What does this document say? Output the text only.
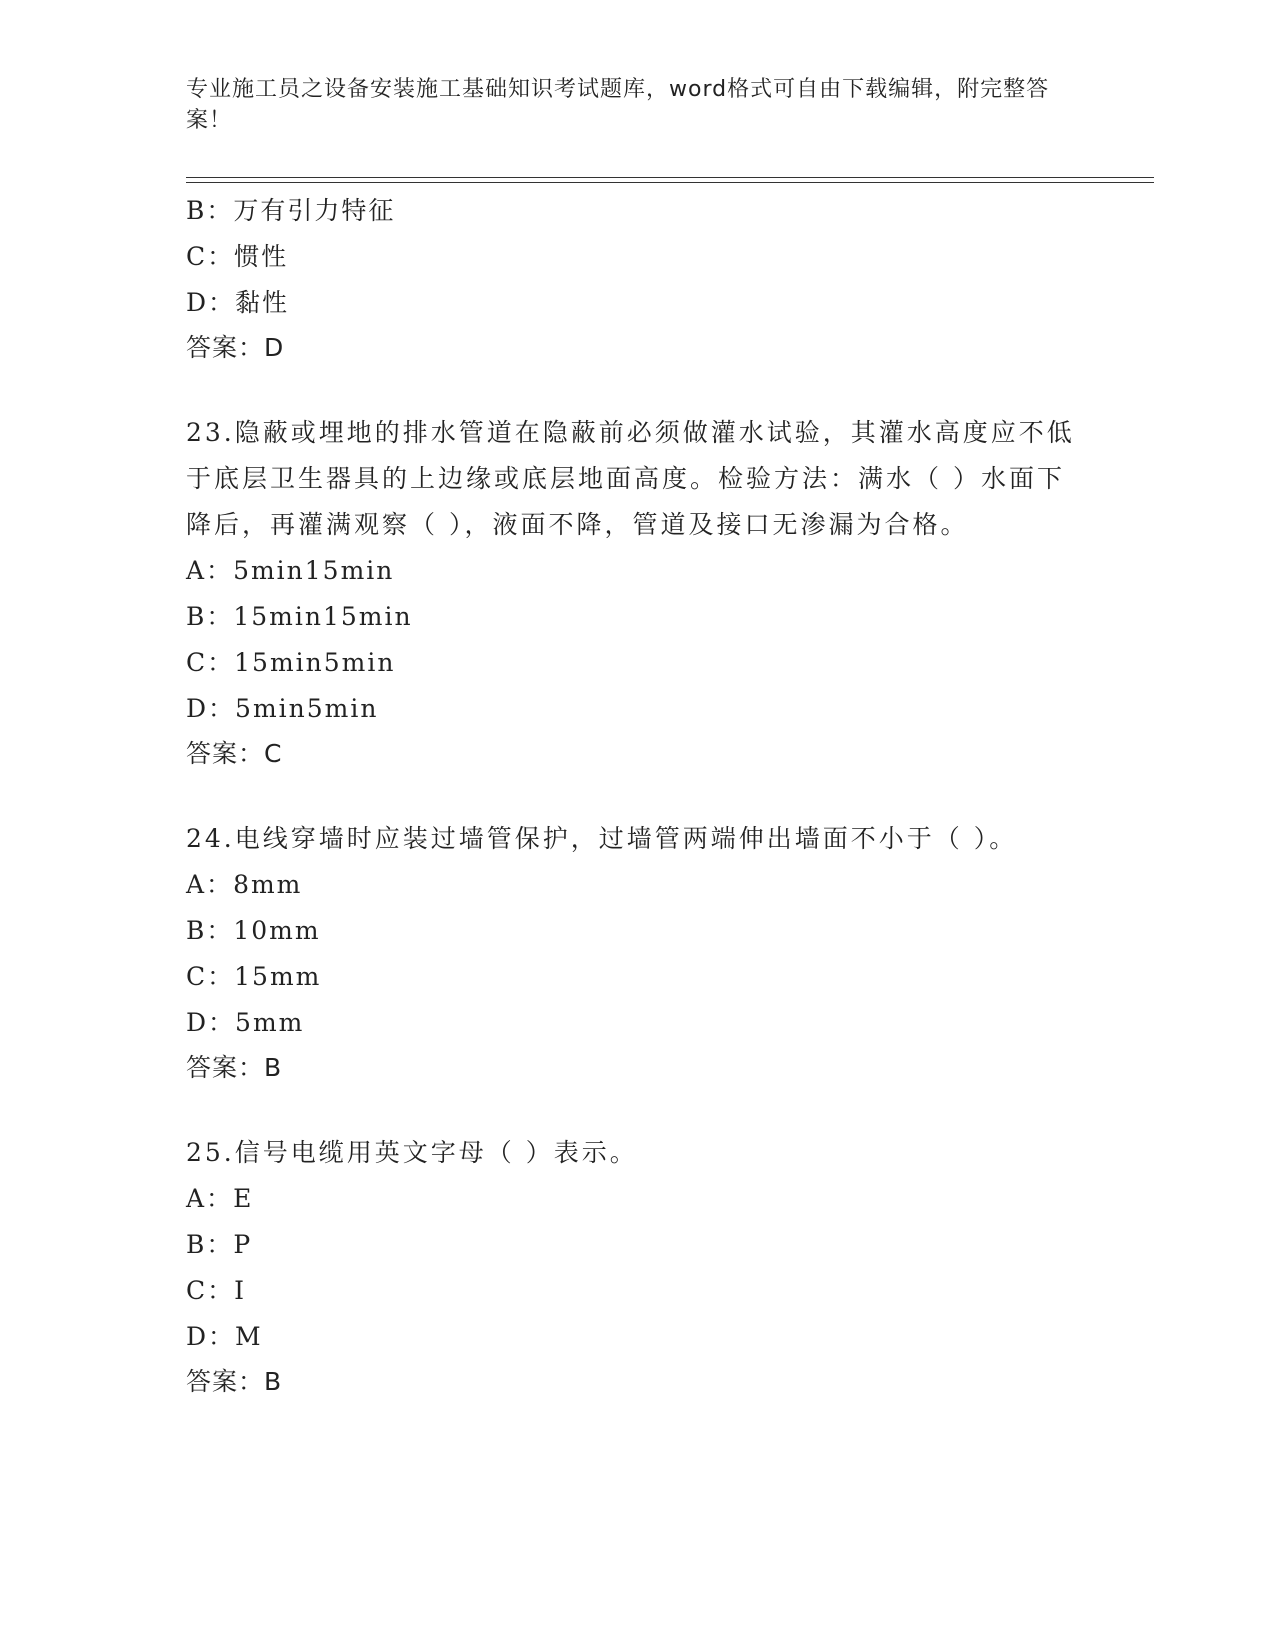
专业施工员之设备安装施工基础知识考试题库，word格式可自由下载编辑，附完整答案！
B：万有引力特征
C：惯性
D：黏性
答案：D
23.隐蔽或埋地的排水管道在隐蔽前必须做灌水试验，其灌水高度应不低于底层卫生器具的上边缘或底层地面高度。检验方法：满水（ ）水面下降后，再灌满观察（ ），液面不降，管道及接口无渗漏为合格。
A：5min15min
B：15min15min
C：15min5min
D：5min5min
答案：C
24.电线穿墙时应装过墙管保护，过墙管两端伸出墙面不小于（ ）。
A：8mm
B：10mm
C：15mm
D：5mm
答案：B
25.信号电缆用英文字母（ ）表示。
A：E
B：P
C：I
D：M
答案：B
